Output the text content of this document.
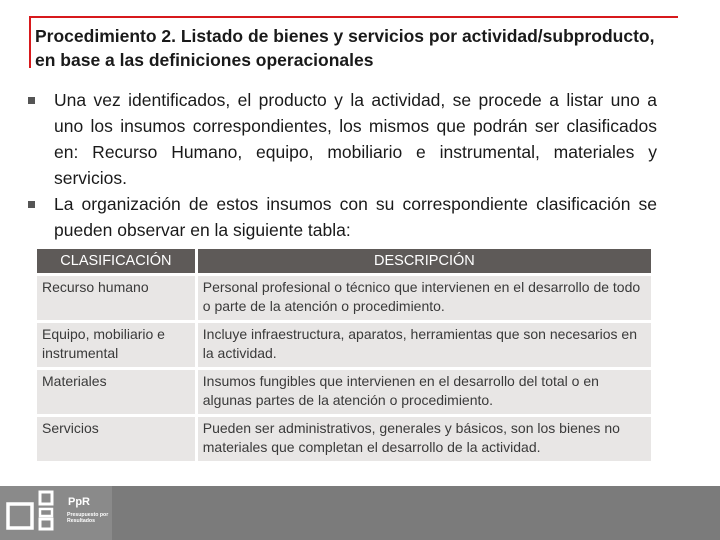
Procedimiento 2. Listado de bienes y servicios por actividad/subproducto, en base a las definiciones operacionales
Una vez identificados, el producto y la actividad, se procede a listar uno a uno los insumos correspondientes, los mismos que podrán ser clasificados en: Recurso Humano, equipo, mobiliario e instrumental, materiales y servicios.
La organización de estos insumos con su correspondiente clasificación se pueden observar en la siguiente tabla:
CLASIFICACIÓN	DESCRIPCIÓN
Recurso humano	Personal profesional o técnico que intervienen en el desarrollo de todo o parte de la atención o procedimiento.
Equipo, mobiliario e instrumental	Incluye infraestructura, aparatos, herramientas que son necesarios en la actividad.
Materiales	Insumos fungibles que intervienen en el desarrollo del total o en algunas partes de la atención o procedimiento.
Servicios	Pueden ser administrativos, generales y básicos, son los bienes no materiales que completan el desarrollo de la actividad.
PpR
Presupuesto por Resultados
